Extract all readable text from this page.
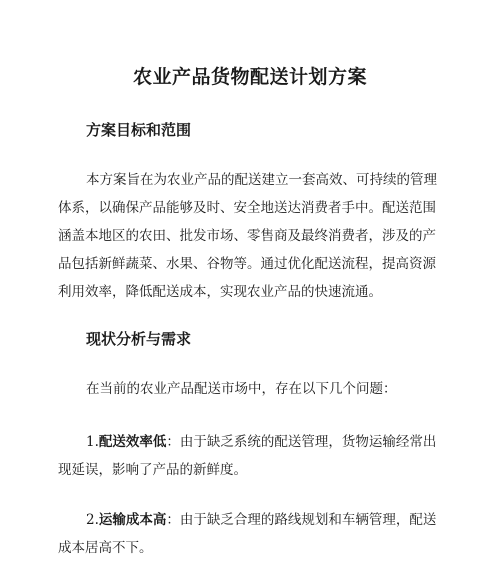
农业产品货物配送计划方案
方案目标和范围

本方案旨在为农业产品的配送建立一套高效、可持续的管理体系，以确保产品能够及时、安全地送达消费者手中。配送范围涵盖本地区的农田、批发市场、零售商及最终消费者，涉及的产品包括新鲜蔬菜、水果、谷物等。通过优化配送流程，提高资源利用效率，降低配送成本，实现农业产品的快速流通。

现状分析与需求

在当前的农业产品配送市场中，存在以下几个问题：

1.配送效率低：由于缺乏系统的配送管理，货物运输经常出现延误，影响了产品的新鲜度。

2.运输成本高：由于缺乏合理的路线规划和车辆管理，配送成本居高不下。
